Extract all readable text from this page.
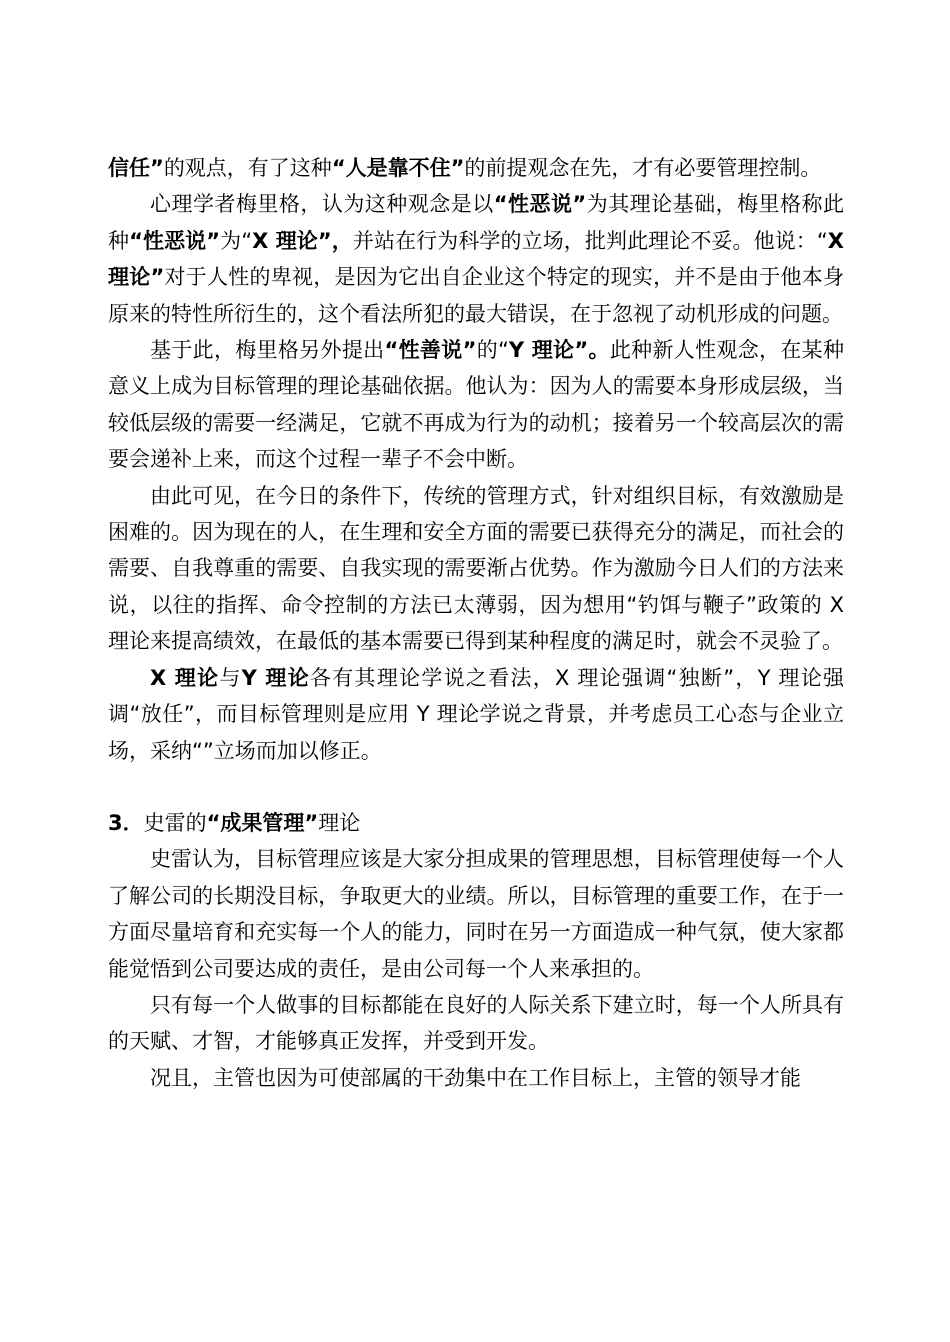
信任”的观点，有了这种“人是靠不住”的前提观念在先，才有必要管理控制。

心理学者梅里格，认为这种观念是以“性恶说”为其理论基础，梅里格称此种“性恶说”为“X 理论”，并站在行为科学的立场，批判此理论不妥。他说：“X 理论”对于人性的卑视，是因为它出自企业这个特定的现实，并不是由于他本身原来的特性所衍生的，这个看法所犯的最大错误，在于忽视了动机形成的问题。

基于此，梅里格另外提出“性善说”的“Y 理论”。此种新人性观念，在某种意义上成为目标管理的理论基础依据。他认为：因为人的需要本身形成层级，当较低层级的需要一经满足，它就不再成为行为的动机；接着另一个较高层次的需要会递补上来，而这个过程一辈子不会中断。

由此可见，在今日的条件下，传统的管理方式，针对组织目标，有效激励是困难的。因为现在的人，在生理和安全方面的需要已获得充分的满足，而社会的需要、自我尊重的需要、自我实现的需要渐占优势。作为激励今日人们的方法来说，以往的指挥、命令控制的方法已太薄弱，因为想用“钓饵与鞭子”政策的 X 理论来提高绩效，在最低的基本需要已得到某种程度的满足时，就会不灵验了。

X 理论与Y 理论各有其理论学说之看法，X 理论强调“独断”，Y 理论强调“放任”，而目标管理则是应用 Y 理论学说之背景，并考虑员工心态与企业立场，采纳“”立场而加以修正。

3．史雷的“成果管理”理论

史雷认为，目标管理应该是大家分担成果的管理思想，目标管理使每一个人了解公司的长期没目标，争取更大的业绩。所以，目标管理的重要工作，在于一方面尽量培育和充实每一个人的能力，同时在另一方面造成一种气氛，使大家都能觉悟到公司要达成的责任，是由公司每一个人来承担的。

只有每一个人做事的目标都能在良好的人际关系下建立时，每一个人所具有的天赋、才智，才能够真正发挥，并受到开发。

况且，主管也因为可使部属的干劲集中在工作目标上，主管的领导才能
